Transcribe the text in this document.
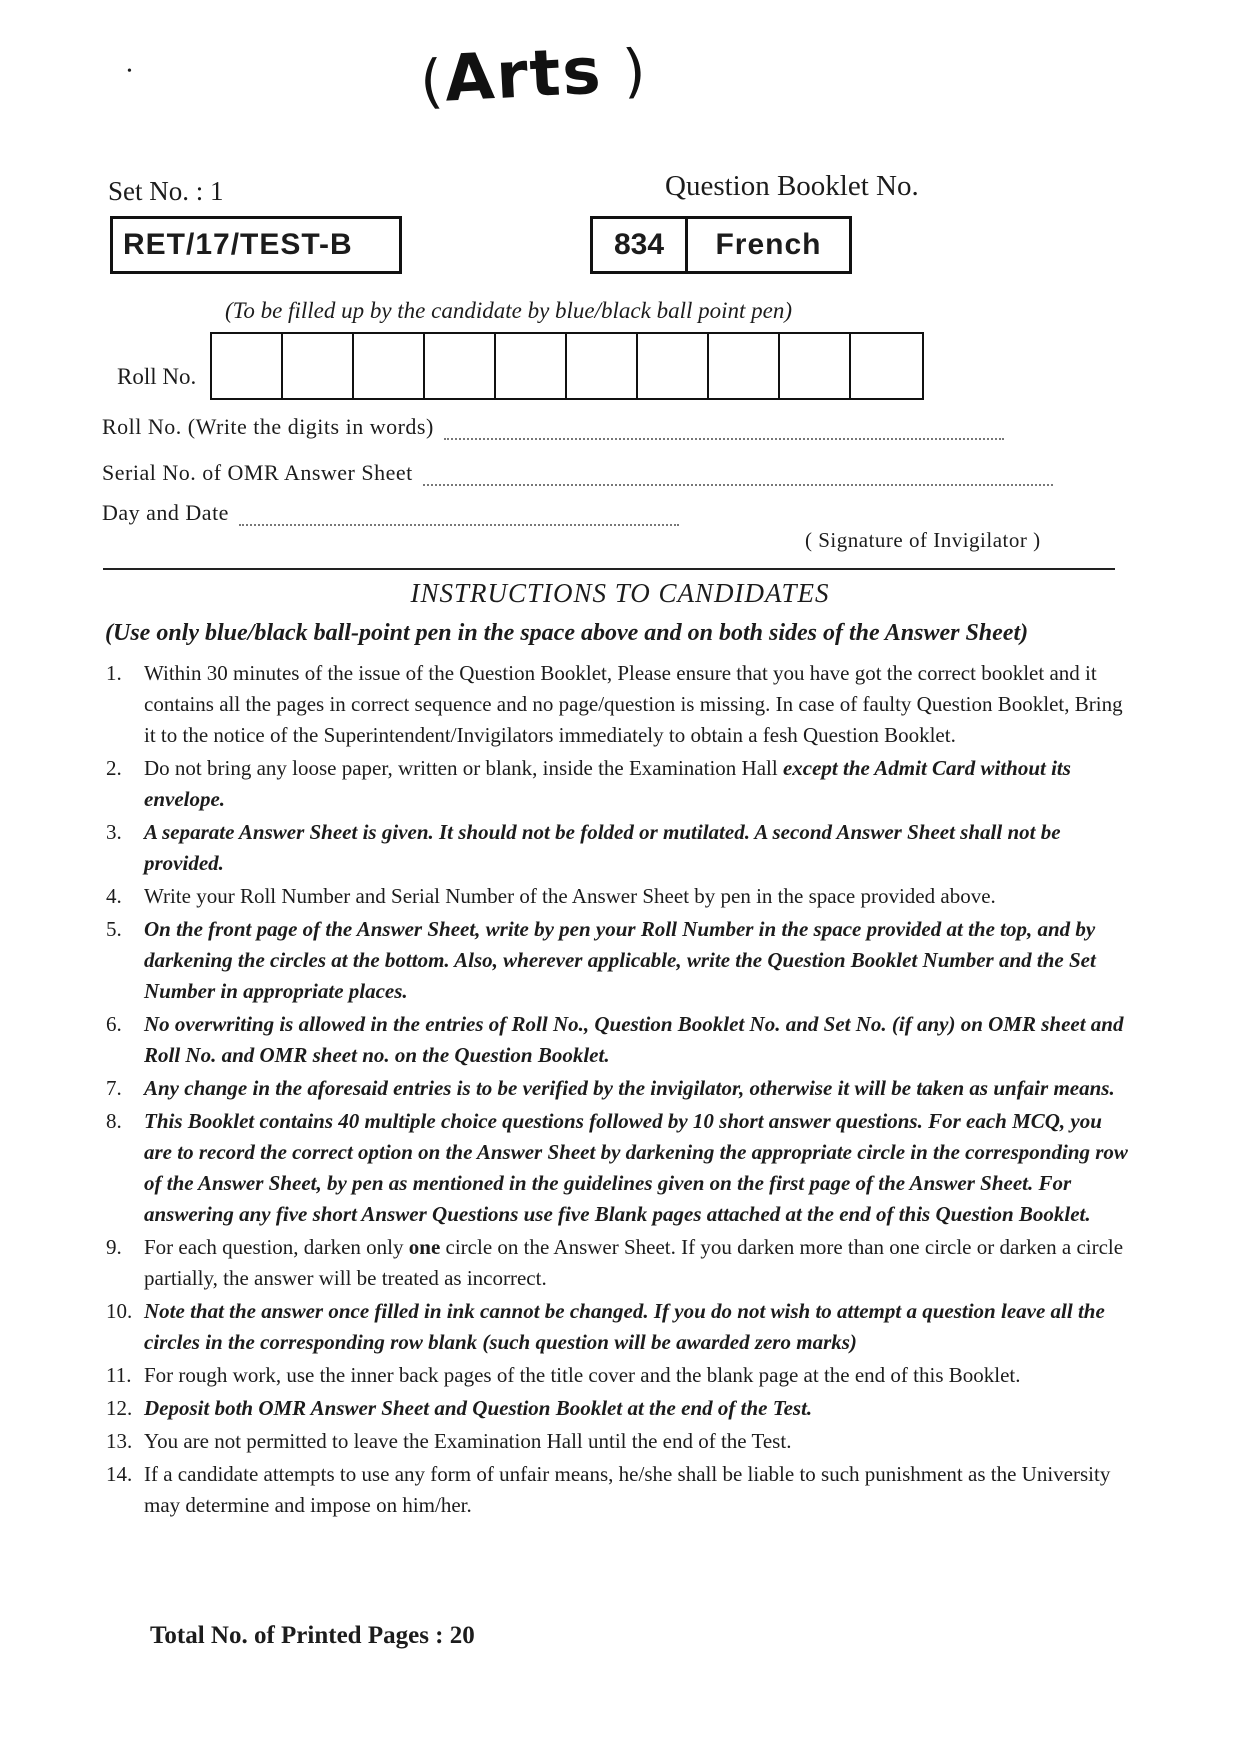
•	(Arts )
Set No. : 1	Question Booklet No.
RET/17/TEST-B	834	French
(To be filled up by the candidate by blue/black ball point pen)
Roll No.
Roll No. (Write the digits in words)
Serial No. of OMR Answer Sheet
Day and Date
( Signature of Invigilator )
INSTRUCTIONS TO CANDIDATES
(Use only blue/black ball-point pen in the space above and on both sides of the Answer Sheet)
1.	Within 30 minutes of the issue of the Question Booklet, Please ensure that you have got the correct booklet and it contains all the pages in correct sequence and no page/question is missing. In case of faulty Question Booklet, Bring it to the notice of the Superintendent/Invigilators immediately to obtain a fesh Question Booklet.
2.	Do not bring any loose paper, written or blank, inside the Examination Hall except the Admit Card without its envelope.
3.	A separate Answer Sheet is given. It should not be folded or mutilated. A second Answer Sheet shall not be provided.
4.	Write your Roll Number and Serial Number of the Answer Sheet by pen in the space provided above.
5.	On the front page of the Answer Sheet, write by pen your Roll Number in the space provided at the top, and by darkening the circles at the bottom. Also, wherever applicable, write the Question Booklet Number and the Set Number in appropriate places.
6.	No overwriting is allowed in the entries of Roll No., Question Booklet No. and Set No. (if any) on OMR sheet and Roll No. and OMR sheet no. on the Question Booklet.
7.	Any change in the aforesaid entries is to be verified by the invigilator, otherwise it will be taken as unfair means.
8.	This Booklet contains 40 multiple choice questions followed by 10 short answer questions. For each MCQ, you are to record the correct option on the Answer Sheet by darkening the appropriate circle in the corresponding row of the Answer Sheet, by pen as mentioned in the guidelines given on the first page of the Answer Sheet. For answering any five short Answer Questions use five Blank pages attached at the end of this Question Booklet.
9.	For each question, darken only one circle on the Answer Sheet. If you darken more than one circle or darken a circle partially, the answer will be treated as incorrect.
10. Note that the answer once filled in ink cannot be changed. If you do not wish to attempt a question leave all the circles in the corresponding row blank (such question will be awarded zero marks)
11. For rough work, use the inner back pages of the title cover and the blank page at the end of this Booklet.
12. Deposit both OMR Answer Sheet and Question Booklet at the end of the Test.
13. You are not permitted to leave the Examination Hall until the end of the Test.
14. If a candidate attempts to use any form of unfair means, he/she shall be liable to such punishment as the University may determine and impose on him/her.
Total No. of Printed Pages : 20
